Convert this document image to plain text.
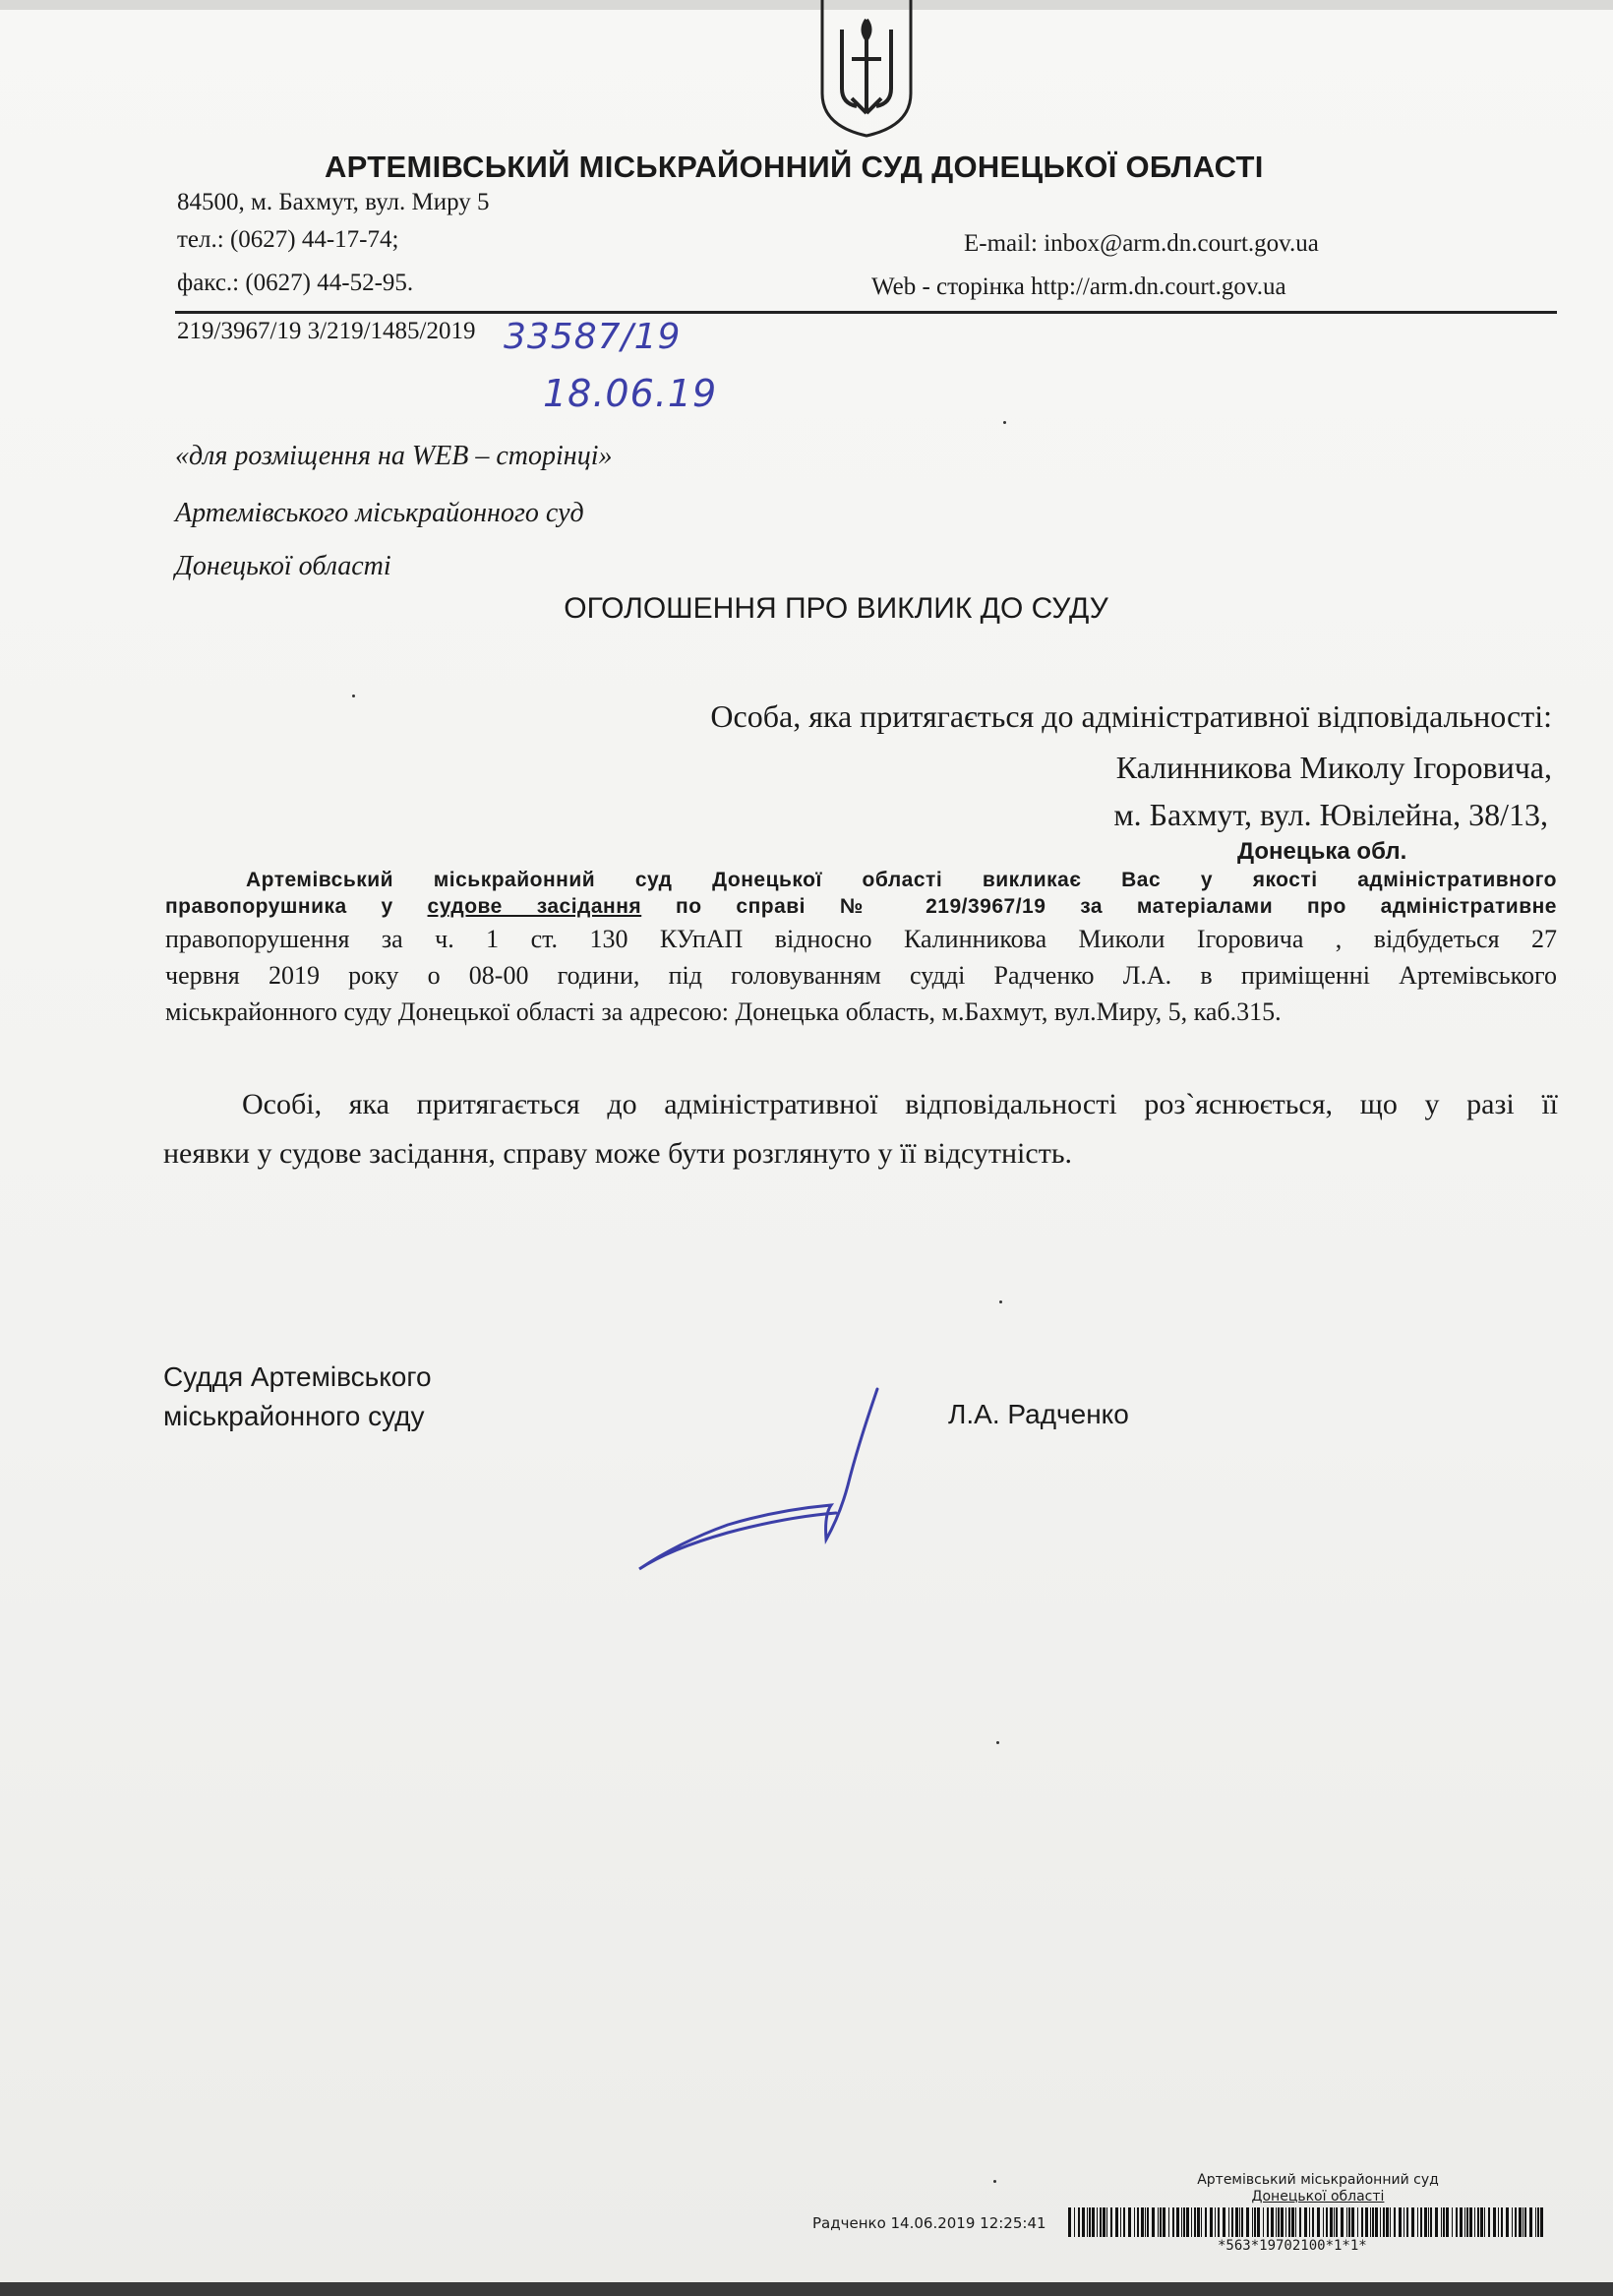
АРТЕМІВСЬКИЙ МІСЬКРАЙОННИЙ СУД ДОНЕЦЬКОЇ ОБЛАСТІ
84500, м. Бахмут, вул. Миру 5
тел.: (0627) 44-17-74;
факс.: (0627) 44-52-95.
E-mail: inbox@arm.dn.court.gov.ua
Web - сторінка http://arm.dn.court.gov.ua
219/3967/19 3/219/1485/2019 33587/19
18.06.19
«для розміщення на WEB – сторінці»
Артемівського міськрайонного суд
Донецької області
ОГОЛОШЕННЯ ПРО ВИКЛИК ДО СУДУ
Особа, яка притягається до адміністративної відповідальності:
Калинникова Миколу Ігоровича,
м. Бахмут, вул. Ювілейна, 38/13,
Донецька обл.
Артемівський міськрайонний суд Донецької області викликає Вас у якості адміністративного
правопорушника у судове засідання по справі № 219/3967/19 за матеріалами про адміністративне
правопорушення за ч. 1 ст. 130 КУпАП відносно Калинникова Миколи Ігоровича , відбудеться 27
червня 2019 року о 08-00 години, під головуванням судді Радченко Л.А. в приміщенні Артемівського
міськрайонного суду Донецької області за адресою: Донецька область, м.Бахмут, вул.Миру, 5, каб.315.
Особі, яка притягається до адміністративної відповідальності роз`яснюється, що у разі її
неявки у судове засідання, справу може бути розглянуто у її відсутність.
Суддя Артемівського
міськрайонного суду	Л.А. Радченко
Артемівський міськрайонний суд
Донецької області
Радченко 14.06.2019 12:25:41
*563*19702100*1*1*
